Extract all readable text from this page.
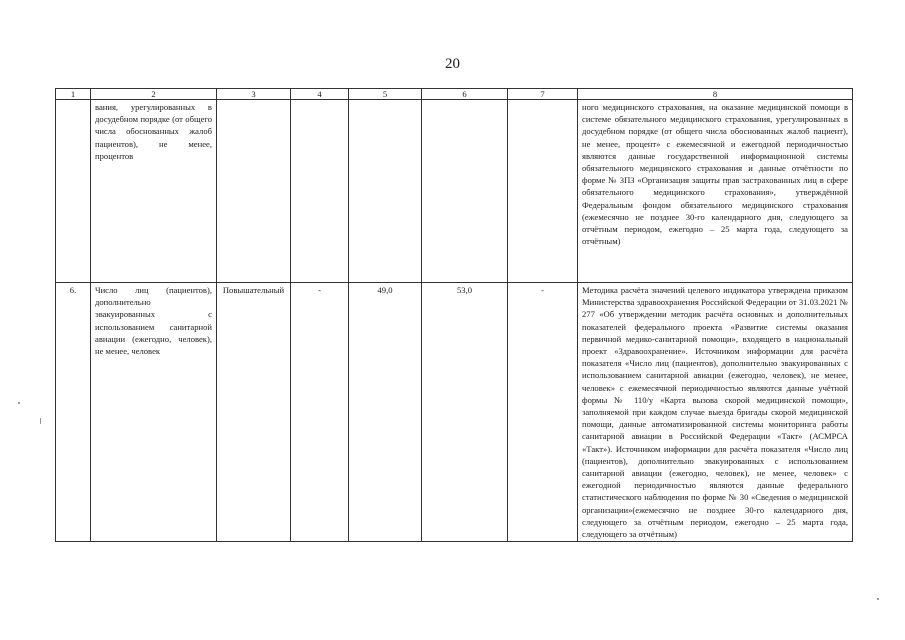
20
1	2	3	4	5	6	7	8
	вания, урегулированных в досудебном порядке (от общего числа обоснованных жалоб пациентов), не менее, процентов						ного медицинского страхования, на оказание медицинской помощи в системе обязательного медицинского страхования, урегулированных в досудебном порядке (от общего числа обоснованных жалоб пациент), не менее, процент» с ежемесячной и ежегодной периодичностью являются данные государственной информационной системы обязательного медицинского страхования и данные отчётности по форме № ЗПЗ «Организация защиты прав застрахованных лиц в сфере обязательного медицинского страхования», утверждённой Федеральным фондом обязательного медицинского страхования (ежемесячно не позднее 30-го календарного дня, следующего за отчётным периодом, ежегодно – 25 марта года, следующего за отчётным)
6.	Число лиц (пациентов), дополнительно эвакуированных с использованием санитарной авиации (ежегодно, человек), не менее, человек	Повышательный	-	49,0	53,0	-	Методика расчёта значений целевого индикатора утверждена приказом Министерства здравоохранения Российской Федерации от 31.03.2021 № 277 «Об утверждении методик расчёта основных и дополнительных показателей федерального проекта «Развитие системы оказания первичной медико-санитарной помощи», входящего в национальный проект «Здравоохранение». Источником информации для расчёта показателя «Число лиц (пациентов), дополнительно эвакуированных с использованием санитарной авиации (ежегодно, человек), не менее, человек» с ежемесячной периодичностью являются данные учётной формы № 110/у «Карта вызова скорой медицинской помощи», заполняемой при каждом случае выезда бригады скорой медицинской помощи, данные автоматизированной системы мониторинга работы санитарной авиации в Российской Федерации «Такт» (АСМРСА «Такт»). Источником информации для расчёта показателя «Число лиц (пациентов), дополнительно эвакуированных с использованием санитарной авиации (ежегодно, человек), не менее, человек» с ежегодной периодичностью являются данные федерального статистического наблюдения по форме № 30 «Сведения о медицинской организации»(ежемесячно не позднее 30-го календарного дня, следующего за отчётным периодом, ежегодно – 25 марта года, следующего за отчётным)
